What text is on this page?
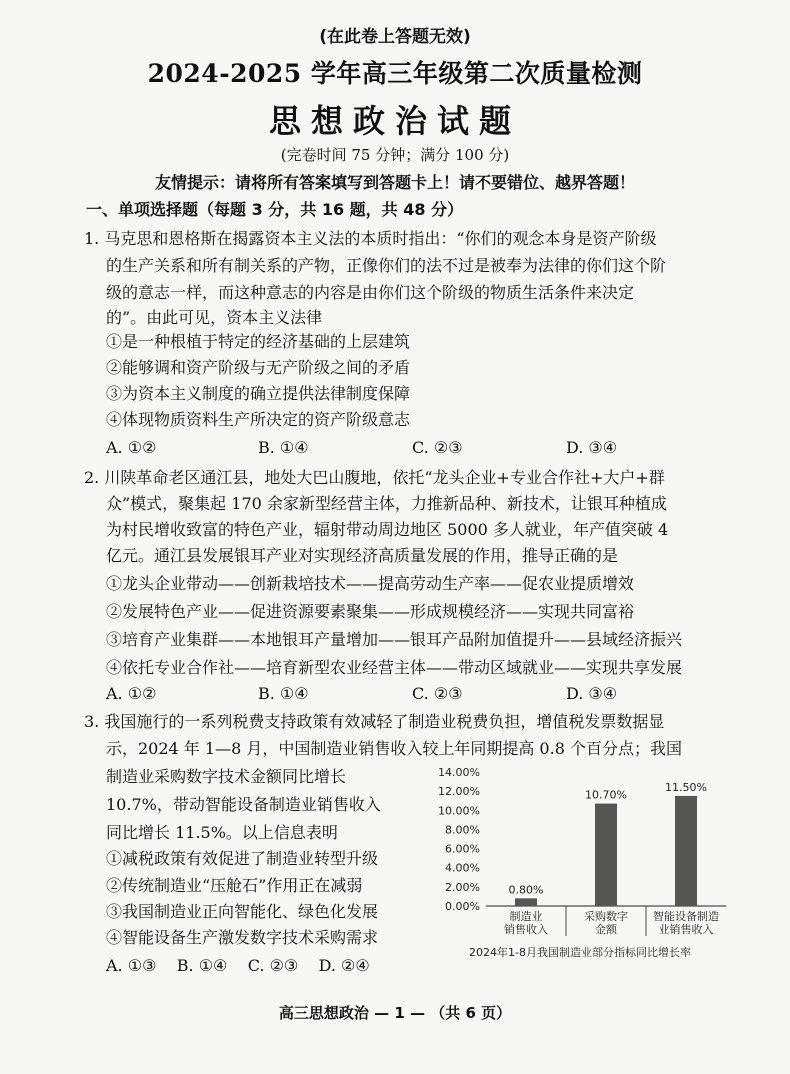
(在此卷上答题无效)
2024-2025 学年高三年级第二次质量检测
思想政治试题
(完卷时间 75 分钟；满分 100 分)
友情提示：请将所有答案填写到答题卡上！请不要错位、越界答题！
一、单项选择题（每题 3 分，共 16 题，共 48 分）
1. 马克思和恩格斯在揭露资本主义法的本质时指出：“你们的观念本身是资产阶级
的生产关系和所有制关系的产物，正像你们的法不过是被奉为法律的你们这个阶
级的意志一样，而这种意志的内容是由你们这个阶级的物质生活条件来决定
的”。由此可见，资本主义法律
①是一种根植于特定的经济基础的上层建筑
②能够调和资产阶级与无产阶级之间的矛盾
③为资本主义制度的确立提供法律制度保障
④体现物质资料生产所决定的资产阶级意志
A. ①②	B. ①④	C. ②③	D. ③④
2. 川陕革命老区通江县，地处大巴山腹地，依托“龙头企业+专业合作社+大户+群
众”模式，聚集起 170 余家新型经营主体，力推新品种、新技术，让银耳种植成
为村民增收致富的特色产业，辐射带动周边地区 5000 多人就业，年产值突破 4
亿元。通江县发展银耳产业对实现经济高质量发展的作用，推导正确的是
①龙头企业带动——创新栽培技术——提高劳动生产率——促农业提质增效
②发展特色产业——促进资源要素聚集——形成规模经济——实现共同富裕
③培育产业集群——本地银耳产量增加——银耳产品附加值提升——县域经济振兴
④依托专业合作社——培育新型农业经营主体——带动区域就业——实现共享发展
A. ①②	B. ①④	C. ②③	D. ③④
3. 我国施行的一系列税费支持政策有效减轻了制造业税费负担，增值税发票数据显
示，2024 年 1—8 月，中国制造业销售收入较上年同期提高 0.8 个百分点；我国
制造业采购数字技术金额同比增长
10.7%，带动智能设备制造业销售收入
同比增长 11.5%。以上信息表明
①减税政策有效促进了制造业转型升级
②传统制造业“压舱石”作用正在减弱
③我国制造业正向智能化、绿色化发展
④智能设备生产激发数字技术采购需求
A. ①③    B. ①④    C. ②③    D. ②④
0.00%
2.00%
4.00%
6.00%
8.00%
10.00%
12.00%
14.00%
0.80%
制造业
销售收入
10.70%
采购数字
金额
11.50%
智能设备制造
业销售收入
2024年1-8月我国制造业部分指标同比增长率
高三思想政治 — 1 — （共 6 页）
